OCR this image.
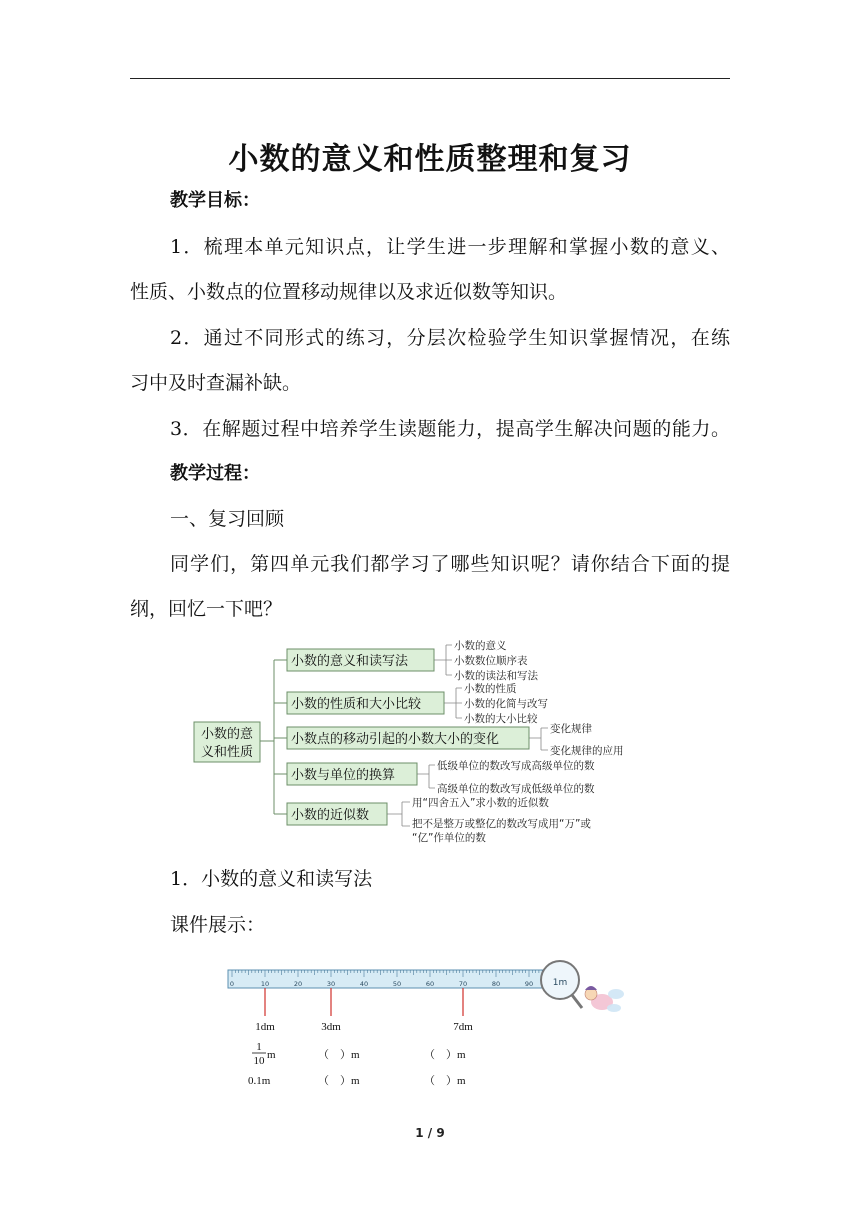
小数的意义和性质整理和复习
教学目标：
1．梳理本单元知识点，让学生进一步理解和掌握小数的意义、
性质、小数点的位置移动规律以及求近似数等知识。
2．通过不同形式的练习，分层次检验学生知识掌握情况，在练
习中及时查漏补缺。
3．在解题过程中培养学生读题能力，提高学生解决问题的能力。
教学过程：
一、复习回顾
同学们，第四单元我们都学习了哪些知识呢？请你结合下面的提
纲，回忆一下吧？
小数的意
义和性质
小数的意义和读写法
小数的性质和大小比较
小数点的移动引起的小数大小的变化
小数与单位的换算
小数的近似数
小数的意义
小数数位顺序表
小数的读法和写法
小数的性质
小数的化简与改写
小数的大小比较
变化规律
变化规律的应用
低级单位的数改写成高级单位的数
高级单位的数改写成低级单位的数
用“四舍五入”求小数的近似数
把不是整万或整亿的数改写成用“万”或
“亿”作单位的数
1．小数的意义和读写法
课件展示：
0	10	20	30	40	50	60	70	80	90 1m
1dm	3dm	7dm
1
10 m	（　）m	（　）m
0.1m	（　）m	（　）m
1 / 9
